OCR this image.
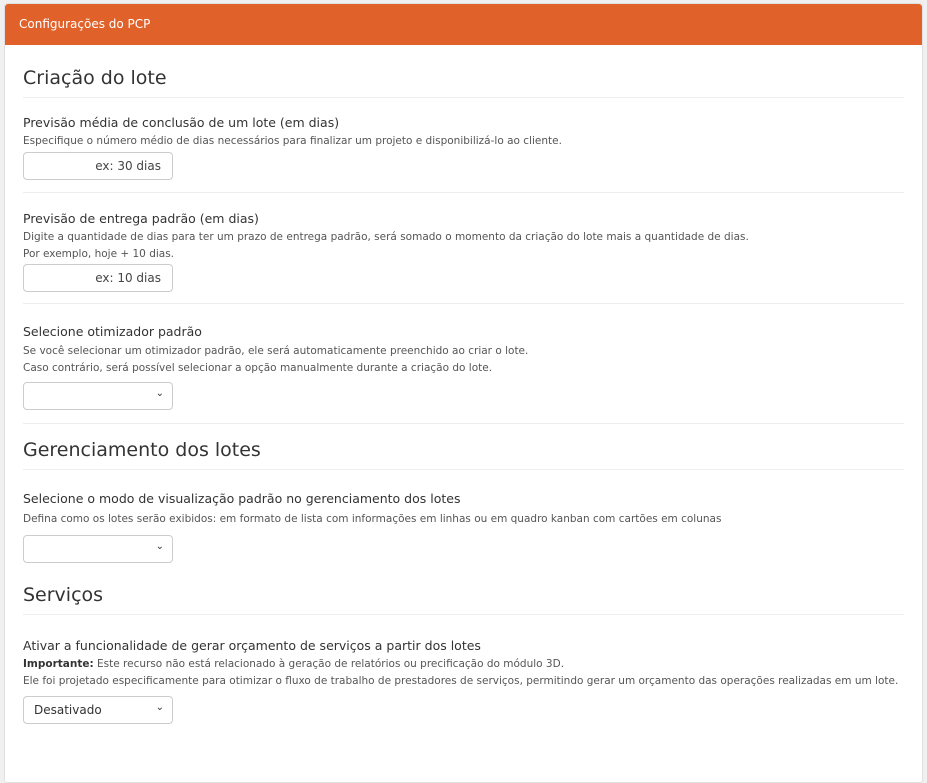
Configurações do PCP
Criação do lote
Previsão média de conclusão de um lote (em dias)
Especifique o número médio de dias necessários para finalizar um projeto e disponibilizá-lo ao cliente.
ex: 30 dias
Previsão de entrega padrão (em dias)
Digite a quantidade de dias para ter um prazo de entrega padrão, será somado o momento da criação do lote mais a quantidade de dias.
Por exemplo, hoje + 10 dias.
ex: 10 dias
Selecione otimizador padrão
Se você selecionar um otimizador padrão, ele será automaticamente preenchido ao criar o lote.
Caso contrário, será possível selecionar a opção manualmente durante a criação do lote.
⌄
Gerenciamento dos lotes
Selecione o modo de visualização padrão no gerenciamento dos lotes
Defina como os lotes serão exibidos: em formato de lista com informações em linhas ou em quadro kanban com cartões em colunas
⌄
Serviços
Ativar a funcionalidade de gerar orçamento de serviços a partir dos lotes
Importante: Este recurso não está relacionado à geração de relatórios ou precificação do módulo 3D.
Ele foi projetado especificamente para otimizar o fluxo de trabalho de prestadores de serviços, permitindo gerar um orçamento das operações realizadas em um lote.
Desativado	⌄
